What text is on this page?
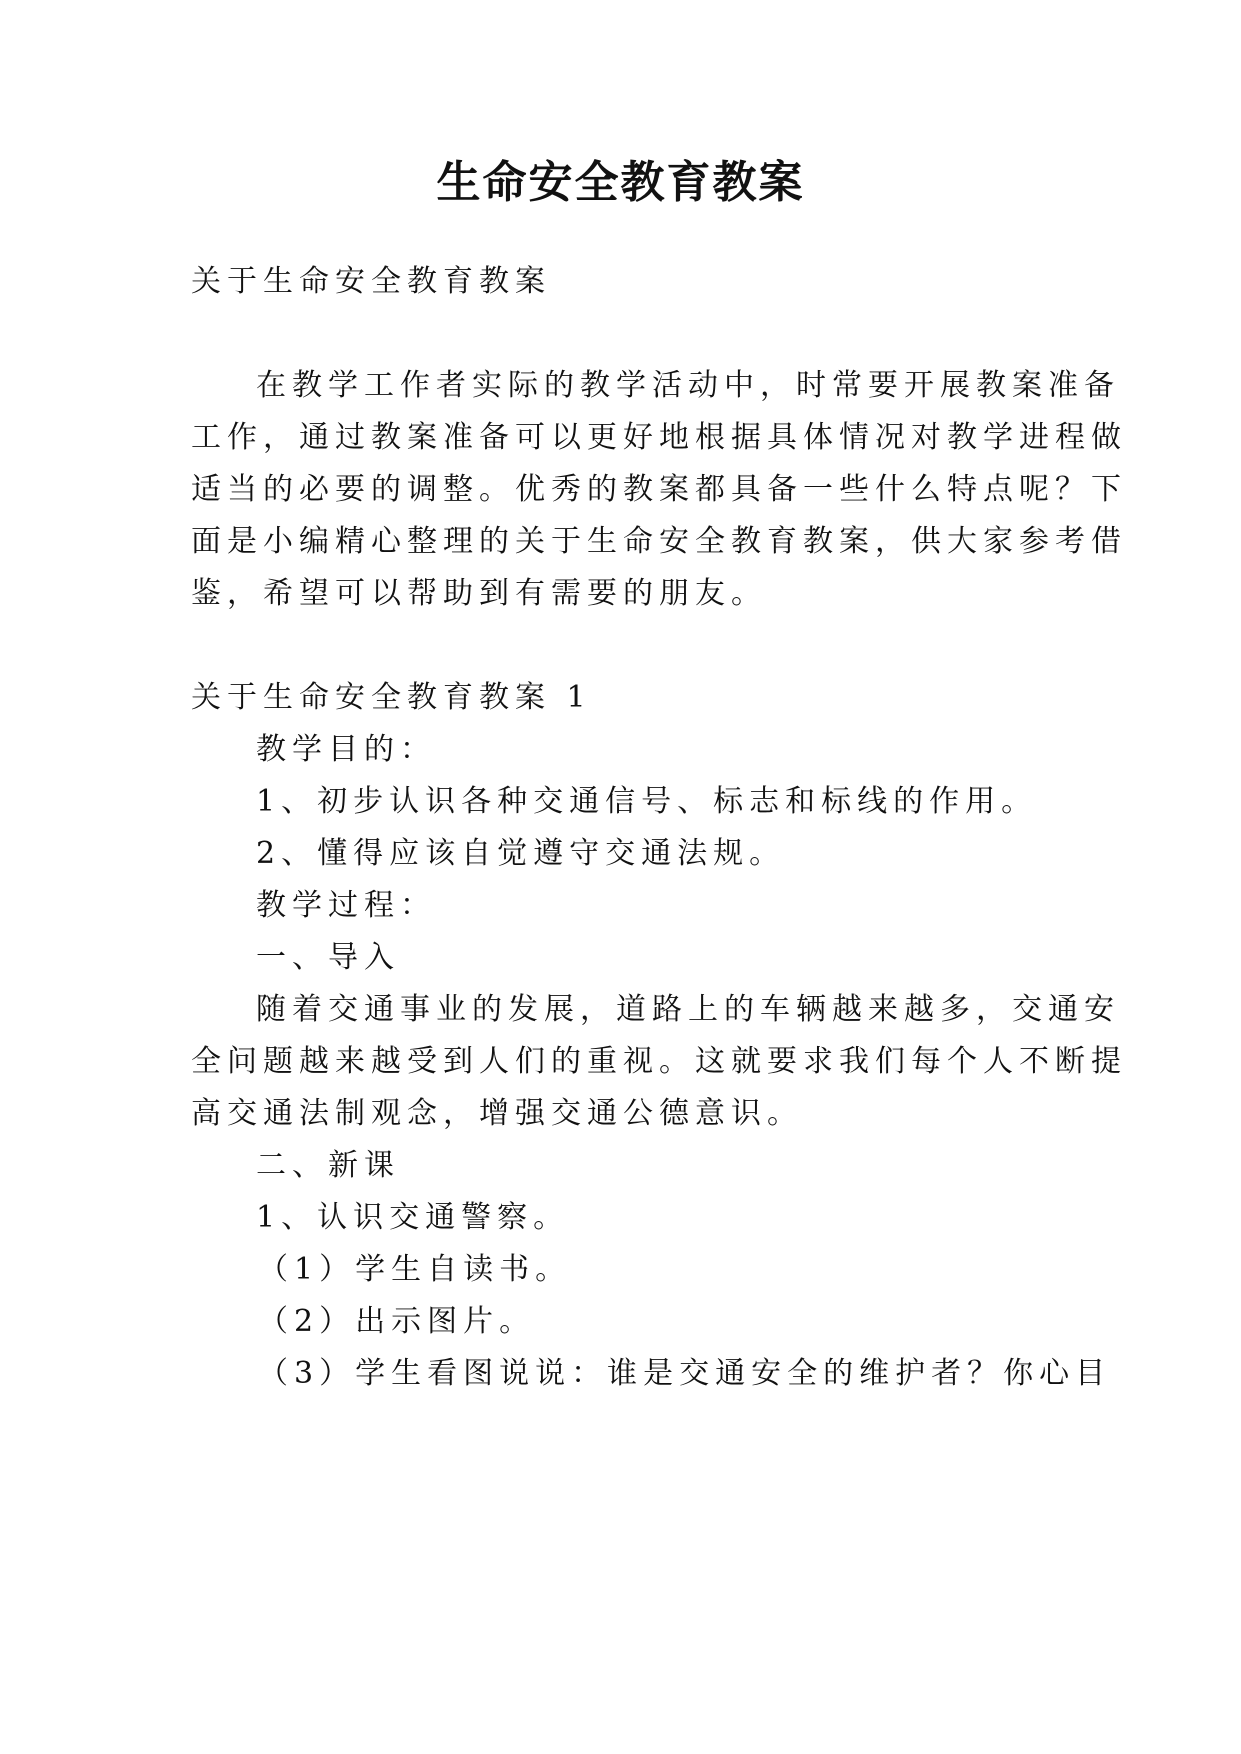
生命安全教育教案

关于生命安全教育教案

在教学工作者实际的教学活动中，时常要开展教案准备

工作，通过教案准备可以更好地根据具体情况对教学进程做

适当的必要的调整。优秀的教案都具备一些什么特点呢？下

面是小编精心整理的关于生命安全教育教案，供大家参考借

鉴，希望可以帮助到有需要的朋友。

关于生命安全教育教案 1

教学目的：

1、初步认识各种交通信号、标志和标线的作用。

2、懂得应该自觉遵守交通法规。

教学过程：

一、导入

随着交通事业的发展，道路上的车辆越来越多，交通安

全问题越来越受到人们的重视。这就要求我们每个人不断提

高交通法制观念，增强交通公德意识。

二、新课

1、认识交通警察。

（1）学生自读书。

（2）出示图片。

（3）学生看图说说：谁是交通安全的维护者？你心目
